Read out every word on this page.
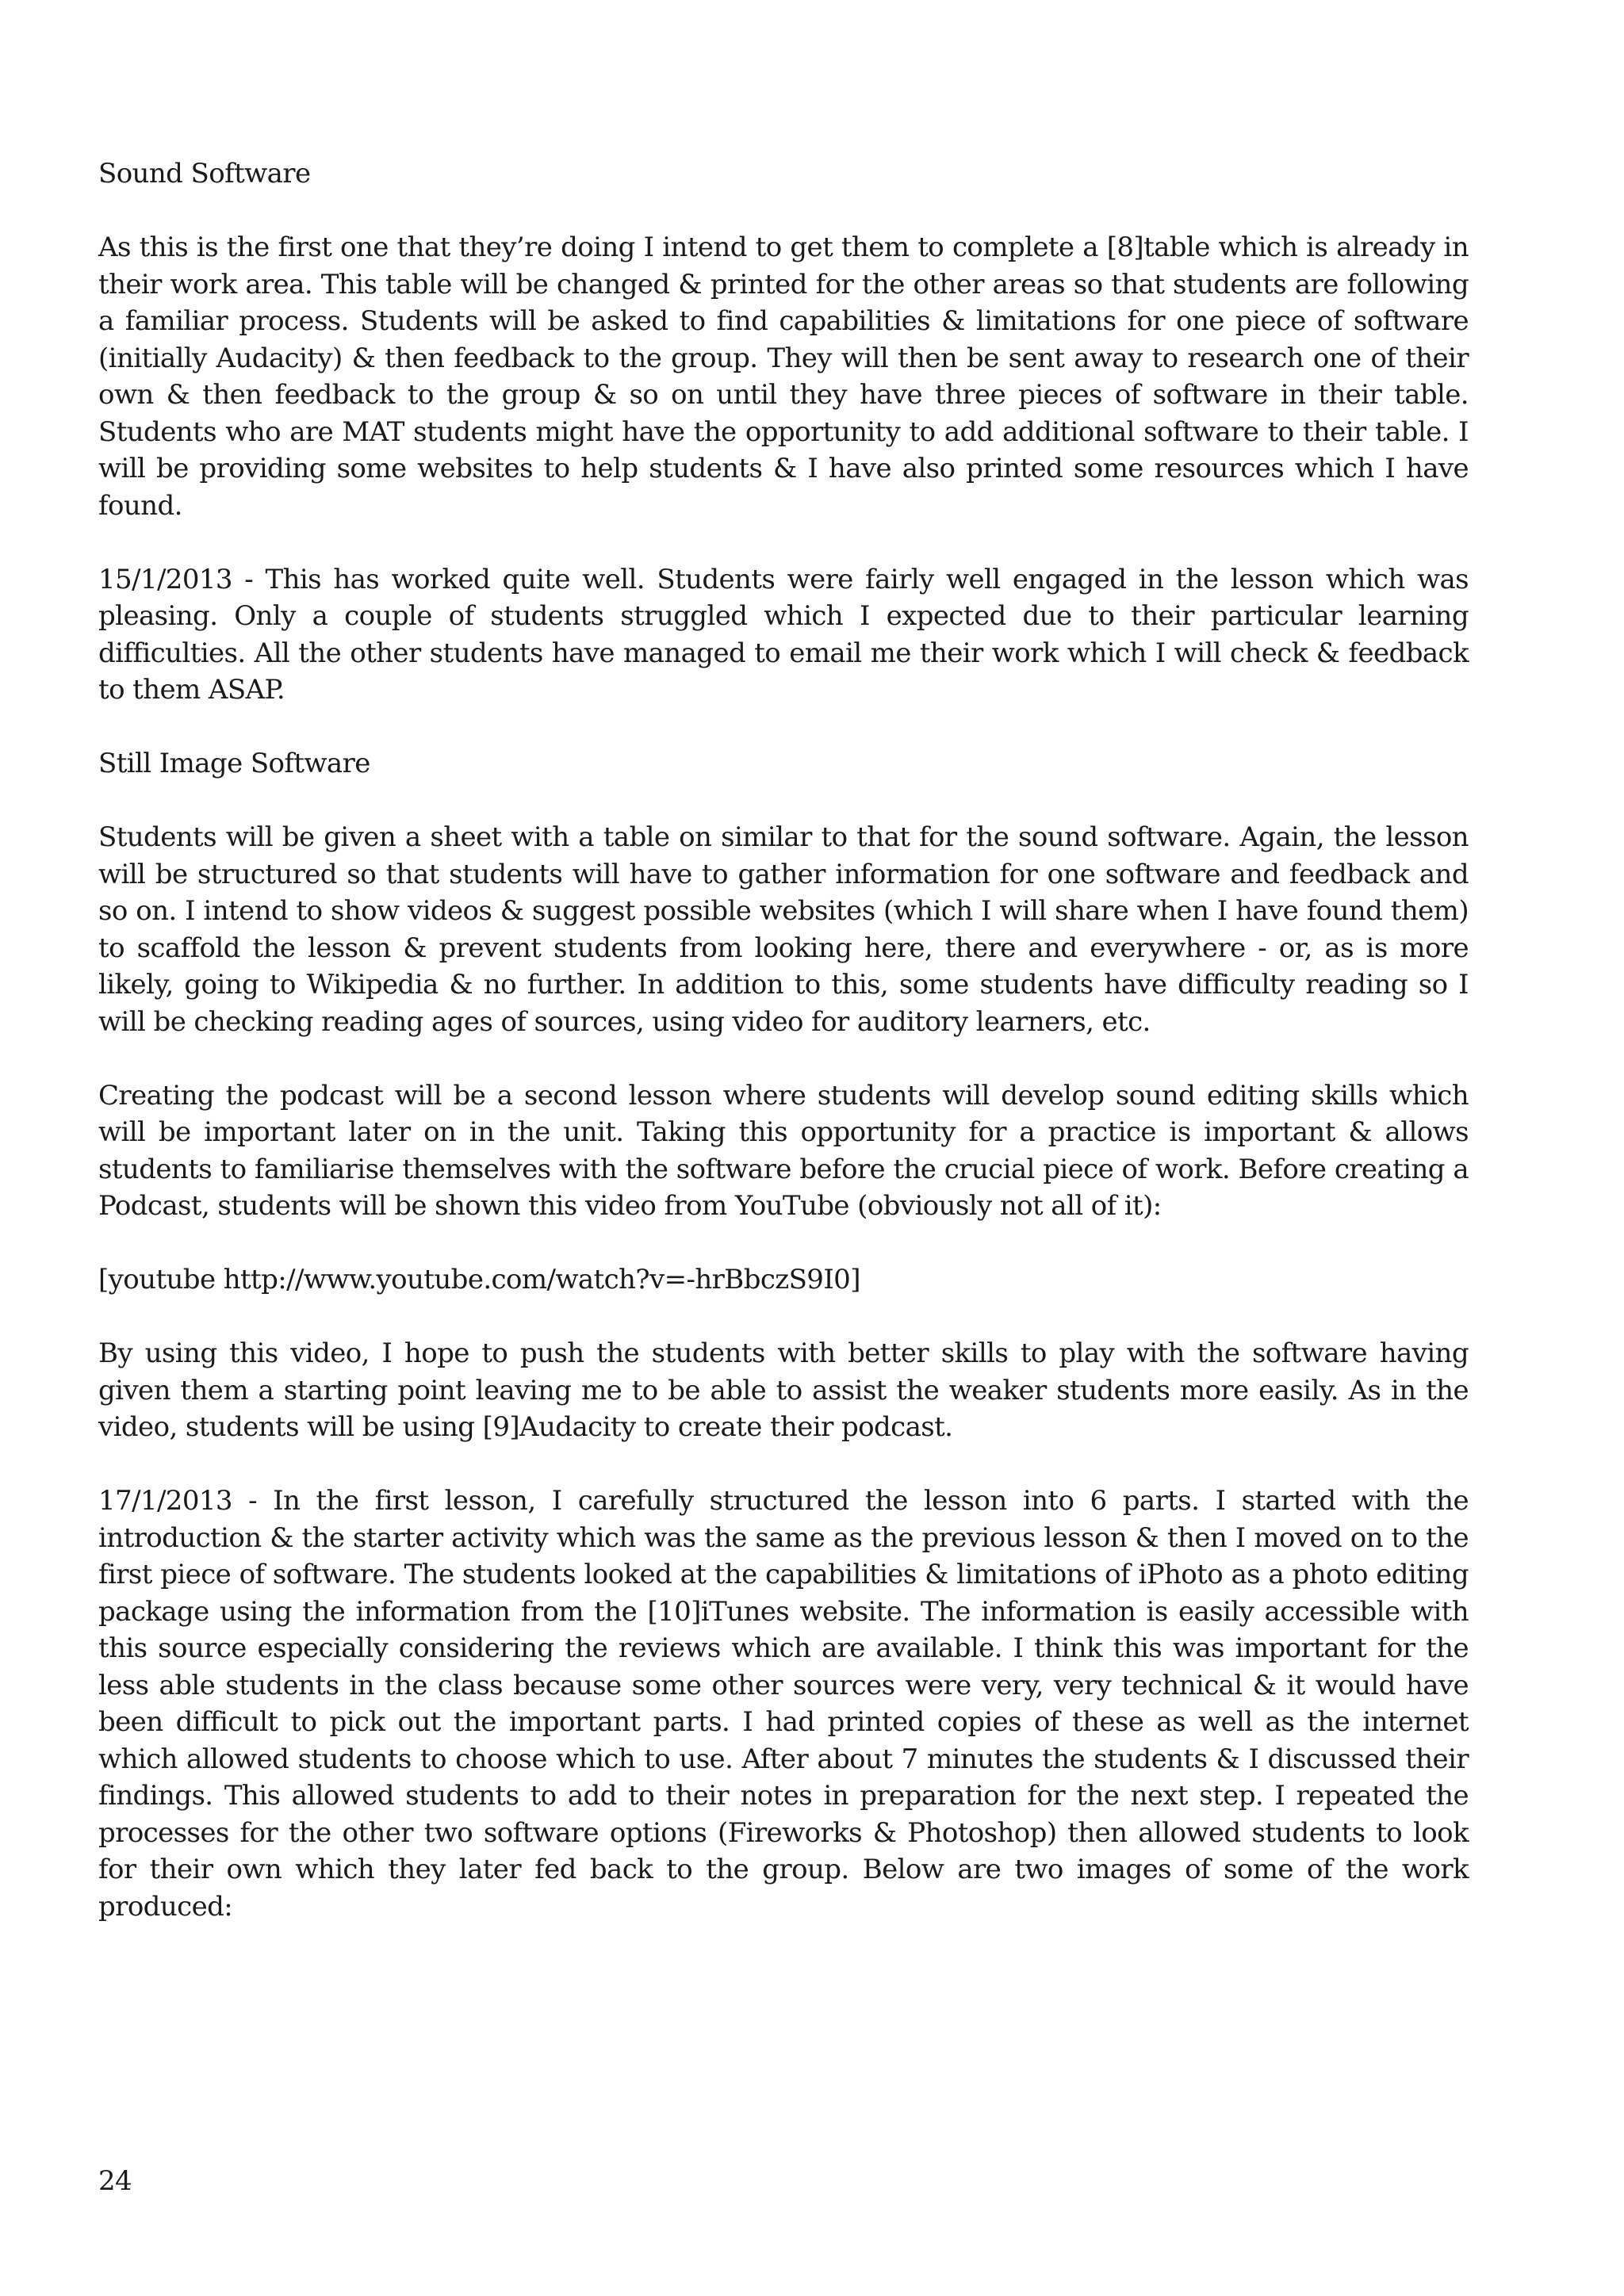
Sound Software

As this is the first one that they’re doing I intend to get them to complete a [8]table which is already in their work area. This table will be changed & printed for the other areas so that students are following a familiar process. Students will be asked to find capabilities & limitations for one piece of software (initially Audacity) & then feedback to the group. They will then be sent away to research one of their own & then feedback to the group & so on until they have three pieces of software in their table. Students who are MAT students might have the opportunity to add additional software to their table. I will be providing some websites to help students & I have also printed some resources which I have found.

15/1/2013 - This has worked quite well. Students were fairly well engaged in the lesson which was pleasing. Only a couple of students struggled which I expected due to their particular learning difficulties. All the other students have managed to email me their work which I will check & feedback to them ASAP.

Still Image Software

Students will be given a sheet with a table on similar to that for the sound software. Again, the lesson will be structured so that students will have to gather information for one software and feedback and so on. I intend to show videos & suggest possible websites (which I will share when I have found them) to scaffold the lesson & prevent students from looking here, there and everywhere - or, as is more likely, going to Wikipedia & no further. In addition to this, some students have difficulty reading so I will be checking reading ages of sources, using video for auditory learners, etc.

Creating the podcast will be a second lesson where students will develop sound editing skills which will be important later on in the unit. Taking this opportunity for a practice is important & allows students to familiarise themselves with the software before the crucial piece of work. Before creating a Podcast, students will be shown this video from YouTube (obviously not all of it):

[youtube http://www.youtube.com/watch?v=-hrBbczS9I0]

By using this video, I hope to push the students with better skills to play with the software having given them a starting point leaving me to be able to assist the weaker students more easily. As in the video, students will be using [9]Audacity to create their podcast.

17/1/2013 - In the first lesson, I carefully structured the lesson into 6 parts. I started with the introduction & the starter activity which was the same as the previous lesson & then I moved on to the first piece of software. The students looked at the capabilities & limitations of iPhoto as a photo editing package using the information from the [10]iTunes website. The information is easily accessible with this source especially considering the reviews which are available. I think this was important for the less able students in the class because some other sources were very, very technical & it would have been difficult to pick out the important parts. I had printed copies of these as well as the internet which allowed students to choose which to use. After about 7 minutes the students & I discussed their findings. This allowed students to add to their notes in preparation for the next step. I repeated the processes for the other two software options (Fireworks & Photoshop) then allowed students to look for their own which they later fed back to the group. Below are two images of some of the work produced:

24
